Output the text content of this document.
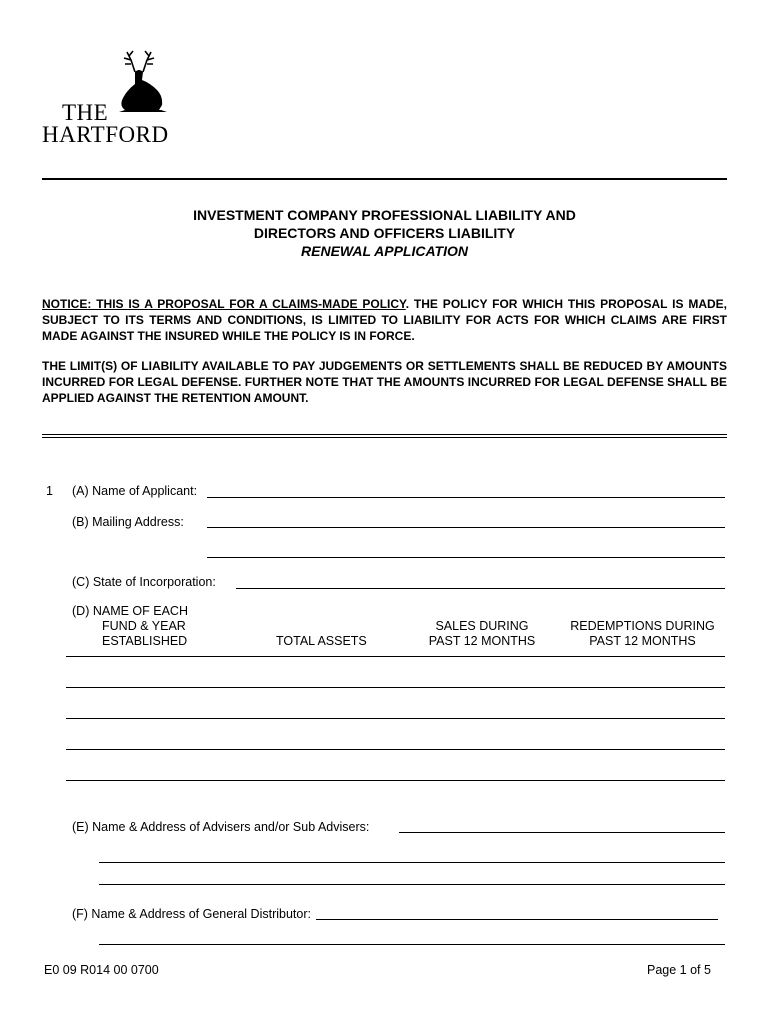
THE
HARTFORD
INVESTMENT COMPANY PROFESSIONAL LIABILITY AND
DIRECTORS AND OFFICERS LIABILITY
RENEWAL APPLICATION
NOTICE: THIS IS A PROPOSAL FOR A CLAIMS-MADE POLICY. THE POLICY FOR WHICH THIS PROPOSAL IS MADE, SUBJECT TO ITS TERMS AND CONDITIONS, IS LIMITED TO LIABILITY FOR ACTS FOR WHICH CLAIMS ARE FIRST MADE AGAINST THE INSURED WHILE THE POLICY IS IN FORCE.
THE LIMIT(S) OF LIABILITY AVAILABLE TO PAY JUDGEMENTS OR SETTLEMENTS SHALL BE REDUCED BY AMOUNTS INCURRED FOR LEGAL DEFENSE. FURTHER NOTE THAT THE AMOUNTS INCURRED FOR LEGAL DEFENSE SHALL BE APPLIED AGAINST THE RETENTION AMOUNT.
1 (A) Name of Applicant:
(B) Mailing Address:
(C) State of Incorporation:
(D) NAME OF EACH
FUND & YEAR
ESTABLISHED	TOTAL ASSETS
SALES DURING
PAST 12 MONTHS
REDEMPTIONS DURING
PAST 12 MONTHS
(E) Name & Address of Advisers and/or Sub Advisers:
(F) Name & Address of General Distributor:
E0 09 R014 00 0700	Page 1 of 5
